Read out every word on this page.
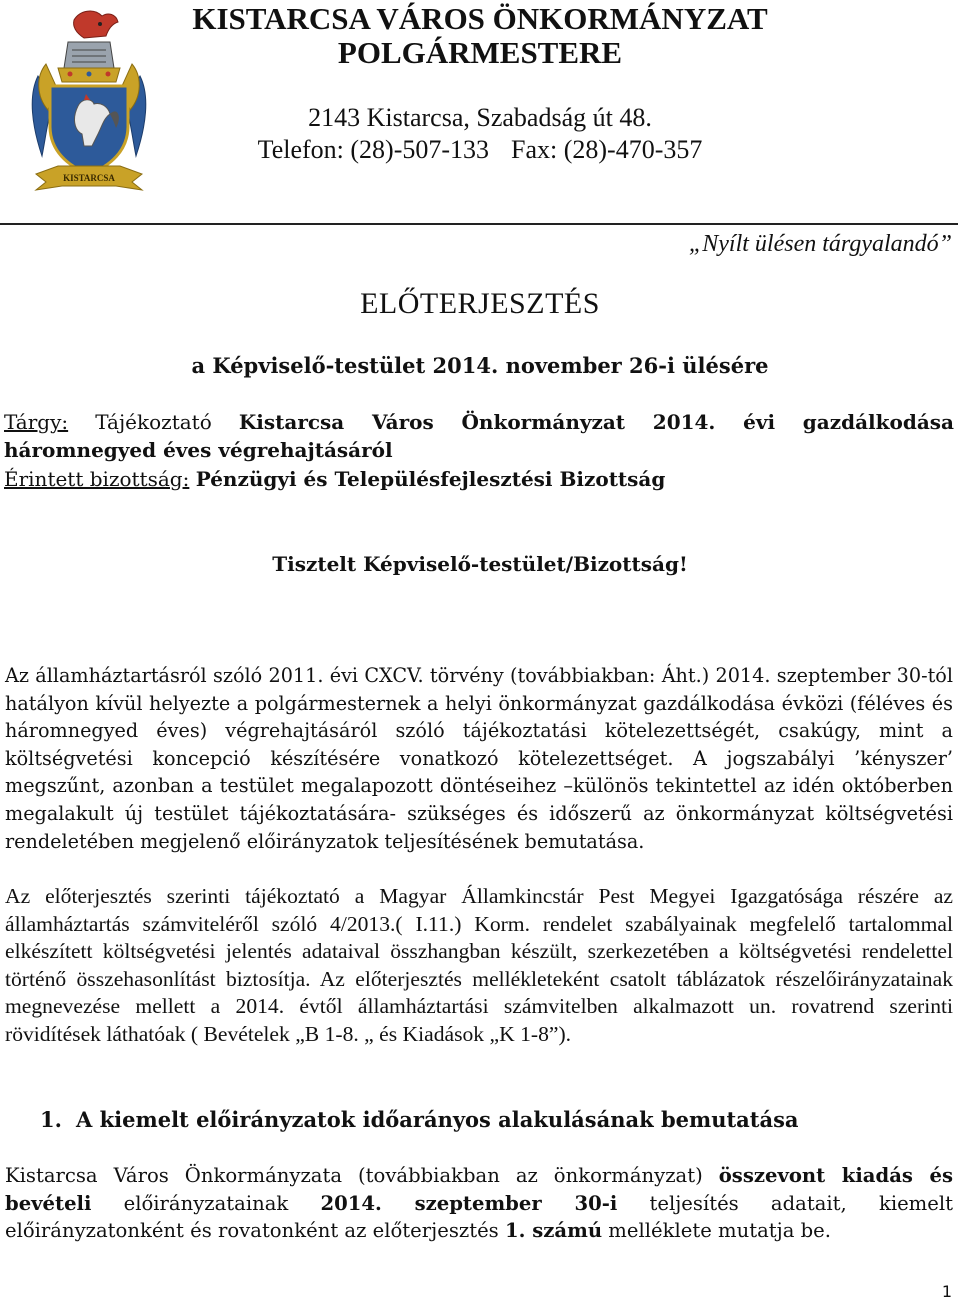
KISTARCSA
KISTARCSA VÁROS ÖNKORMÁNYZAT
POLGÁRMESTERE
2143 Kistarcsa, Szabadság út 48.
Telefon: (28)-507-133 Fax: (28)-470-357
„Nyílt ülésen tárgyalandó”
ELŐTERJESZTÉS
a Képviselő-testület 2014. november 26-i ülésére
Tárgy: Tájékoztató Kistarcsa Város Önkormányzat 2014. évi gazdálkodása háromnegyed éves végrehajtásáról
Érintett bizottság: Pénzügyi és Településfejlesztési Bizottság
Tisztelt Képviselő-testület/Bizottság!

Az államháztartásról szóló 2011. évi CXCV. törvény (továbbiakban: Áht.) 2014. szeptember 30-tól hatályon kívül helyezte a polgármesternek a helyi önkormányzat gazdálkodása évközi (féléves és háromnegyed éves) végrehajtásáról szóló tájékoztatási kötelezettségét, csakúgy, mint a költségvetési koncepció készítésére vonatkozó kötelezettséget. A jogszabályi ’kényszer’ megszűnt, azonban a testület megalapozott döntéseihez –különös tekintettel az idén októberben megalakult új testület tájékoztatására- szükséges és időszerű az önkormányzat költségvetési rendeletében megjelenő előirányzatok teljesítésének bemutatása.

Az előterjesztés szerinti tájékoztató a Magyar Államkincstár Pest Megyei Igazgatósága részére az államháztartás számviteléről szóló 4/2013.( I.11.) Korm. rendelet szabályainak megfelelő tartalommal elkészített költségvetési jelentés adataival összhangban készült, szerkezetében a költségvetési rendelettel történő összehasonlítást biztosítja. Az előterjesztés mellékleteként csatolt táblázatok részelőirányzatainak megnevezése mellett a 2014. évtől államháztartási számvitelben alkalmazott un. rovatrend szerinti rövidítések láthatóak ( Bevételek „B 1-8. „ és Kiadások „K 1-8”).

1. A kiemelt előirányzatok időarányos alakulásának bemutatása

Kistarcsa Város Önkormányzata (továbbiakban az önkormányzat) összevont kiadás és bevételi előirányzatainak 2014. szeptember 30-i teljesítés adatait, kiemelt előirányzatonként és rovatonként az előterjesztés 1. számú melléklete mutatja be.

1
